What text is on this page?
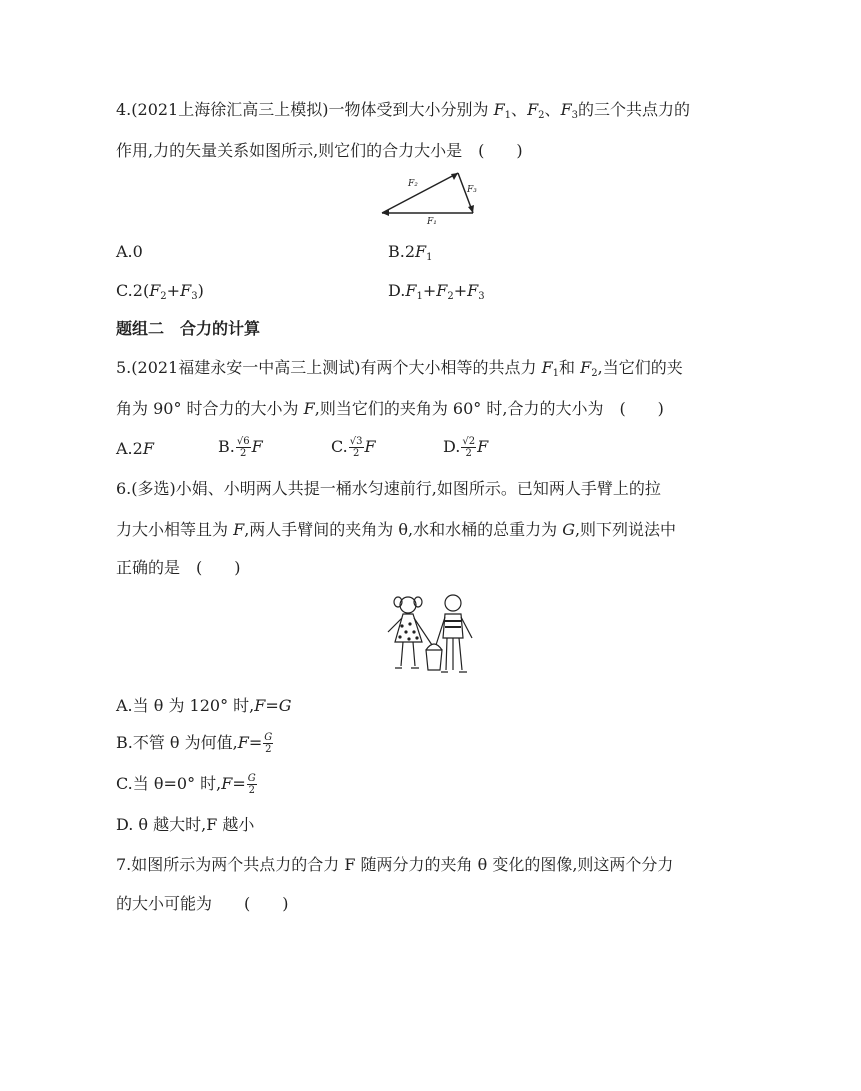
4.(2021上海徐汇高三上模拟)一物体受到大小分别为 $F_1$、$F_2$、$F_3$的三个共点力的
作用,力的矢量关系如图所示,则它们的合力大小是　(　　)
F₂
F₃
F₁
A.0	$B.2F_1$
$C.2(F_2+F_3)$	$D.F_1+F_2+F_3$
题组二　合力的计算
5.(2021福建永安一中高三上测试)有两个大小相等的共点力 $F_1$和 $F_2$,当它们的夹
角为 90° 时合力的大小为 F,则当它们的夹角为 60° 时,合力的大小为　(　　)
A.2F	B. $\frac{√6}{2}$ F	C. $\frac{√3}{2}$ F	D. $\frac{√2}{2}$ F
6.(多选)小娟、小明两人共提一桶水匀速前行,如图所示。已知两人手臂上的拉
力大小相等且为 F,两人手臂间的夹角为 θ,水和水桶的总重力为 G,则下列说法中
正确的是　(　　)
A.当 θ 为 120° 时,F=G
B.不管 θ 为何值$,F= \frac{G}{2}$
C.当 θ=0° 时$,F= \frac{G}{2}$
D. θ 越大时,F 越小
7.如图所示为两个共点力的合力 F 随两分力的夹角 θ 变化的图像,则这两个分力
的大小可能为　　(　　)
